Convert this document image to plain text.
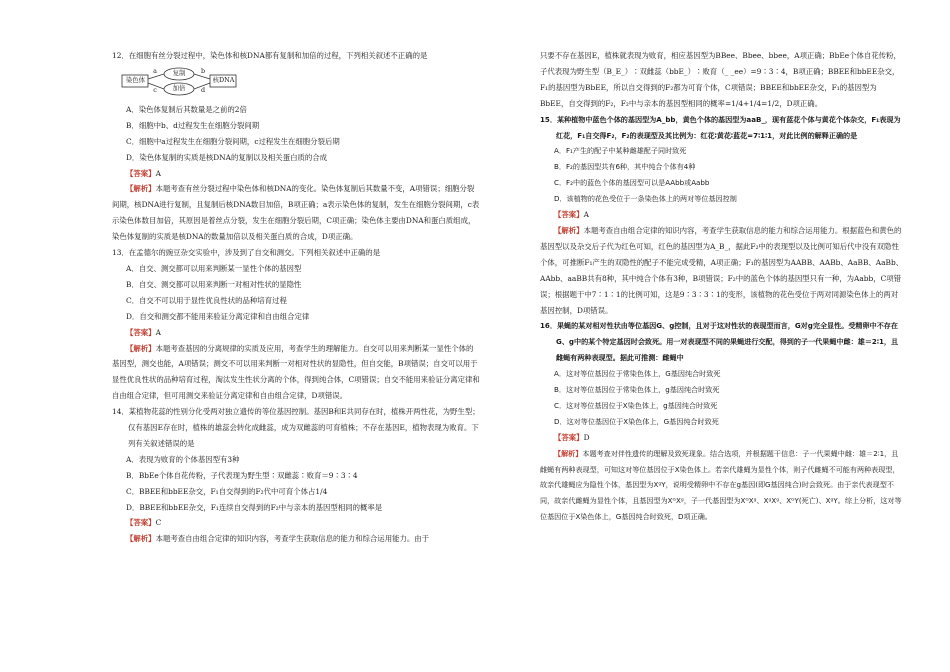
12．在细胞有丝分裂过程中，染色体和核DNA都有复制和加倍的过程，下列相关叙述不正确的是

染色体
复制
加倍
核DNA
a	b
c	d

A．染色体复制后其数量是之前的2倍

B．细胞中b、d过程发生在细胞分裂间期

C．细胞中a过程发生在细胞分裂间期，c过程发生在细胞分裂后期

D．染色体复制的实质是核DNA的复制以及相关蛋白质的合成

【答案】A

【解析】本题考查有丝分裂过程中染色体和核DNA的变化。染色体复制后其数量不变，A项错误；细胞分裂间期，核DNA进行复制，且复制后核DNA数目加倍，B项正确；a表示染色体的复制，发生在细胞分裂间期，c表示染色体数目加倍，其原因是着丝点分裂，发生在细胞分裂后期，C项正确；染色体主要由DNA和蛋白质组成，染色体复制的实质是核DNA的数量加倍以及相关蛋白质的合成，D项正确。

13．在孟德尔的豌豆杂交实验中，涉及到了自交和测交。下列相关叙述中正确的是

A．自交、测交都可以用来判断某一显性个体的基因型

B．自交、测交都可以用来判断一对相对性状的显隐性

C．自交不可以用于显性优良性状的品种培育过程

D．自交和测交都不能用来验证分离定律和自由组合定律

【答案】A

【解析】本题考查基因的分离规律的实质及应用，考查学生的理解能力。自交可以用来判断某一显性个体的基因型，测交也能，A项错误；测交不可以用来判断一对相对性状的显隐性，但自交能，B项错误；自交可以用于显性优良性状的品种培育过程，淘汰发生性状分离的个体，得到纯合体，C项错误；自交不能用来验证分离定律和自由组合定律，但可用测交来验证分离定律和自由组合定律，D项错误。

14．某植物花蕊的性别分化受两对独立遗传的等位基因控制。基因B和E共同存在时，植株开两性花，为野生型；仅有基因E存在时，植株的雄蕊会转化成雌蕊，成为双雌蕊的可育植株；不存在基因E，植物表现为败育。下列有关叙述错误的是

A．表现为败育的个体基因型有3种

B．BbEe个体自花传粉，子代表现为野生型∶双雌蕊∶败育＝9∶3∶4

C．BBEE和bbEE杂交，F₁自交得到的F₂代中可育个体占1/4

D．BBEE和bbEE杂交，F₁连续自交得到的F₂中与亲本的基因型相同的概率是

【答案】C

【解析】本题考查自由组合定律的知识内容，考查学生获取信息的能力和综合运用能力。由于

只要不存在基因E，植株就表现为败育，相应基因型为BBee、Bbee、bbee，A项正确；BbEe个体自花传粉，子代表现为野生型（B_E_）∶双雌蕊（bbE_）∶败育（_ _ee）=9∶3∶4，B项正确；BBEE和bbEE杂交，F₁的基因型为BbEE，所以自交得到的F₂都为可育个体，C项错误；BBEE和bbEE杂交，F₁的基因型为BbEE，自交得到的F₂，F₂中与亲本的基因型相同的概率=1/4+1/4=1/2，D项正确。

15．某种植物中蓝色个体的基因型为A_bb，黄色个体的基因型为aaB_，现有蓝花个体与黄花个体杂交，F₁表现为红花，F₁自交得F₂，F₂的表现型及其比例为：红花∶黄花∶蓝花=7∶1∶1，对此比例的解释正确的是

A．F₁产生的配子中某种雌雄配子同时致死

B．F₂的基因型共有6种，其中纯合个体有4种

C．F₂中的蓝色个体的基因型可以是AAbb或Aabb

D．该植物的花色受位于一条染色体上的两对等位基因控制

【答案】A

【解析】本题考查自由组合定律的知识内容，考查学生获取信息的能力和综合运用能力。根据蓝色和黄色的基因型以及杂交后子代为红色可知，红色的基因型为A_B_，据此F₂中的表现型以及比例可知后代中没有双隐性个体，可推断F₁产生的双隐性的配子不能完成受精，A项正确；F₁的基因型为AABB、AABb、AaBB、AaBb、AAbb、aaBB共有8种，其中纯合个体有3种，B项错误；F₂中的蓝色个体的基因型只有一种，为Aabb，C项错误；根据题干中7∶1∶1的比例可知，这是9∶3∶3∶1的变形，该植物的花色受位于两对同源染色体上的两对基因控制，D项错误。

16．果蝇的某对相对性状由等位基因G、g控制，且对于这对性状的表现型而言，G对g完全显性。受精卵中不存在G、g中的某个特定基因时会致死。用一对表现型不同的果蝇进行交配，得到的子一代果蝇中雌：雄＝2∶1，且雌蝇有两种表现型。据此可推测：雌蝇中

A．这对等位基因位于常染色体上，G基因纯合时致死

B．这对等位基因位于常染色体上，g基因纯合时致死

C．这对等位基因位于X染色体上，g基因纯合时致死

D．这对等位基因位于X染色体上，G基因纯合时致死

【答案】D

【解析】本题考查对伴性遗传的理解及致死现象。结合选项，并根据题干信息：子一代果蝇中雌：雄＝2∶1，且雌蝇有两种表现型，可知这对等位基因位于X染色体上。若亲代雄蝇为显性个体，则子代雌蝇不可能有两种表现型，故亲代雄蝇应为隐性个体，基因型为XᵍY，说明受精卵中不存在g基因(即G基因纯合)时会致死。由于亲代表现型不同，故亲代雌蝇为显性个体，且基因型为XᴳXᵍ，子一代基因型为XᴳXᵍ、XᵍXᵍ、XᴳY(死亡)、XᵍY。综上分析，这对等位基因位于X染色体上，G基因纯合时致死，D项正确。
